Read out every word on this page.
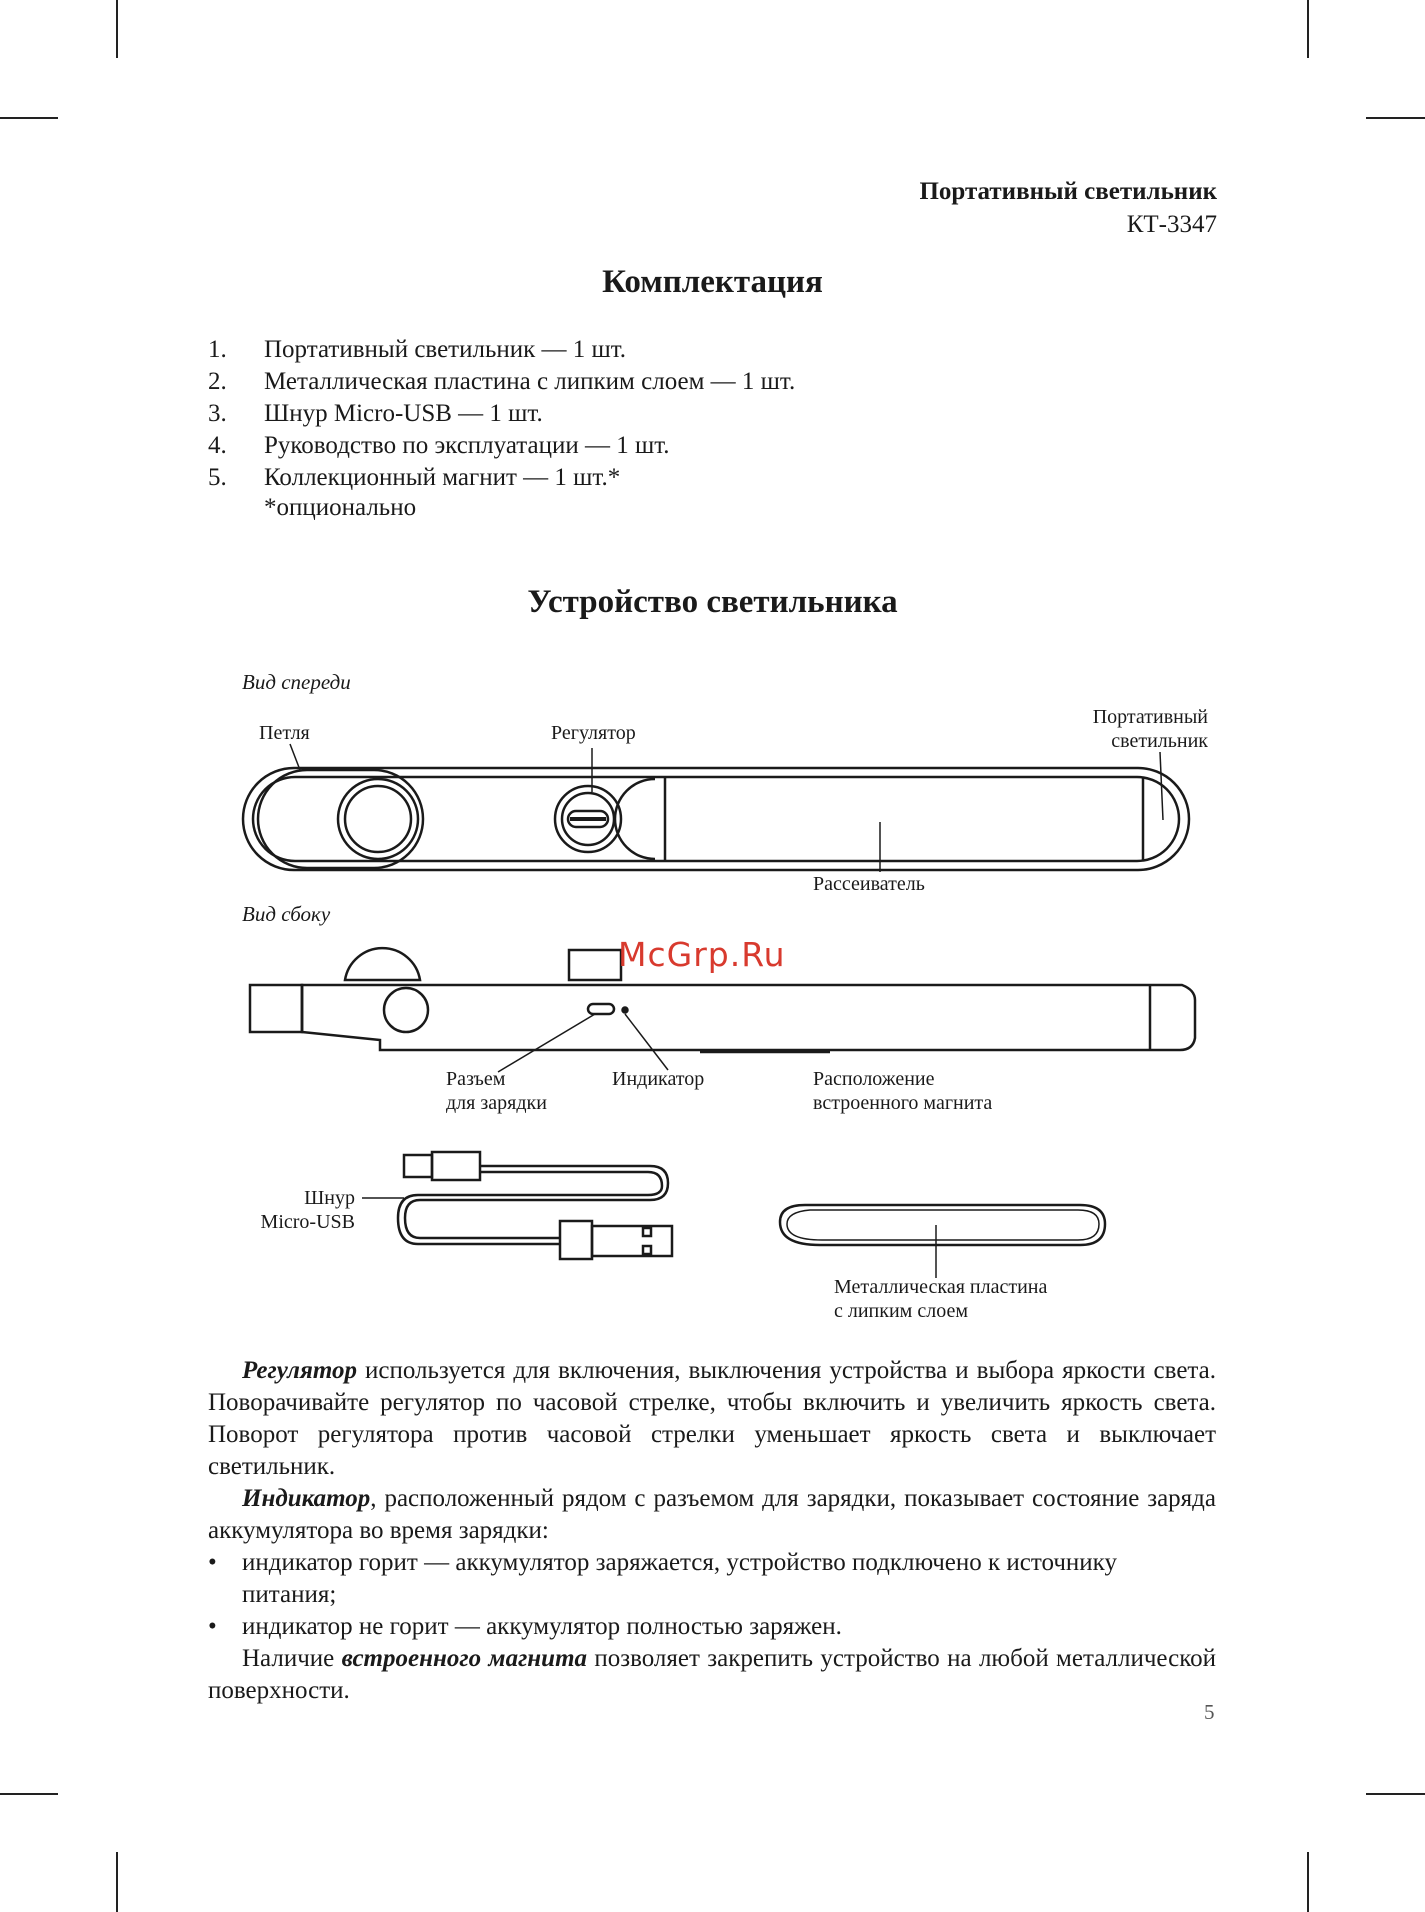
Портативный светильник
КТ-3347
Комплектация
1. Портативный светильник — 1 шт.
2. Металлическая пластина с липким слоем — 1 шт.
3. Шнур Micro-USB — 1 шт.
4. Руководство по эксплуатации — 1 шт.
5. Коллекционный магнит — 1 шт.*
*опционально
Устройство светильника
Вид спереди
Петля	Регулятор
Портативный
светильник
Рассеиватель
Вид сбоку
Разъем
для зарядки
Индикатор	Расположение
встроенного магнита
Шнур
Micro-USB
Металлическая пластина
с липким слоем
McGrp.Ru

Регулятор используется для включения, выключения устройства и выбора яркости света. Поворачивайте регулятор по часовой стрелке, чтобы включить и увеличить яркость света. Поворот регулятора против часовой стрелки уменьшает яркость света и выключает светильник.

Индикатор, расположенный рядом с разъемом для зарядки, показывает состояние заряда аккумулятора во время зарядки:

• индикатор горит — аккумулятор заряжается, устройство подключено к источнику питания;
• индикатор не горит — аккумулятор полностью заряжен.

Наличие встроенного магнита позволяет закрепить устройство на любой металлической поверхности.

5
